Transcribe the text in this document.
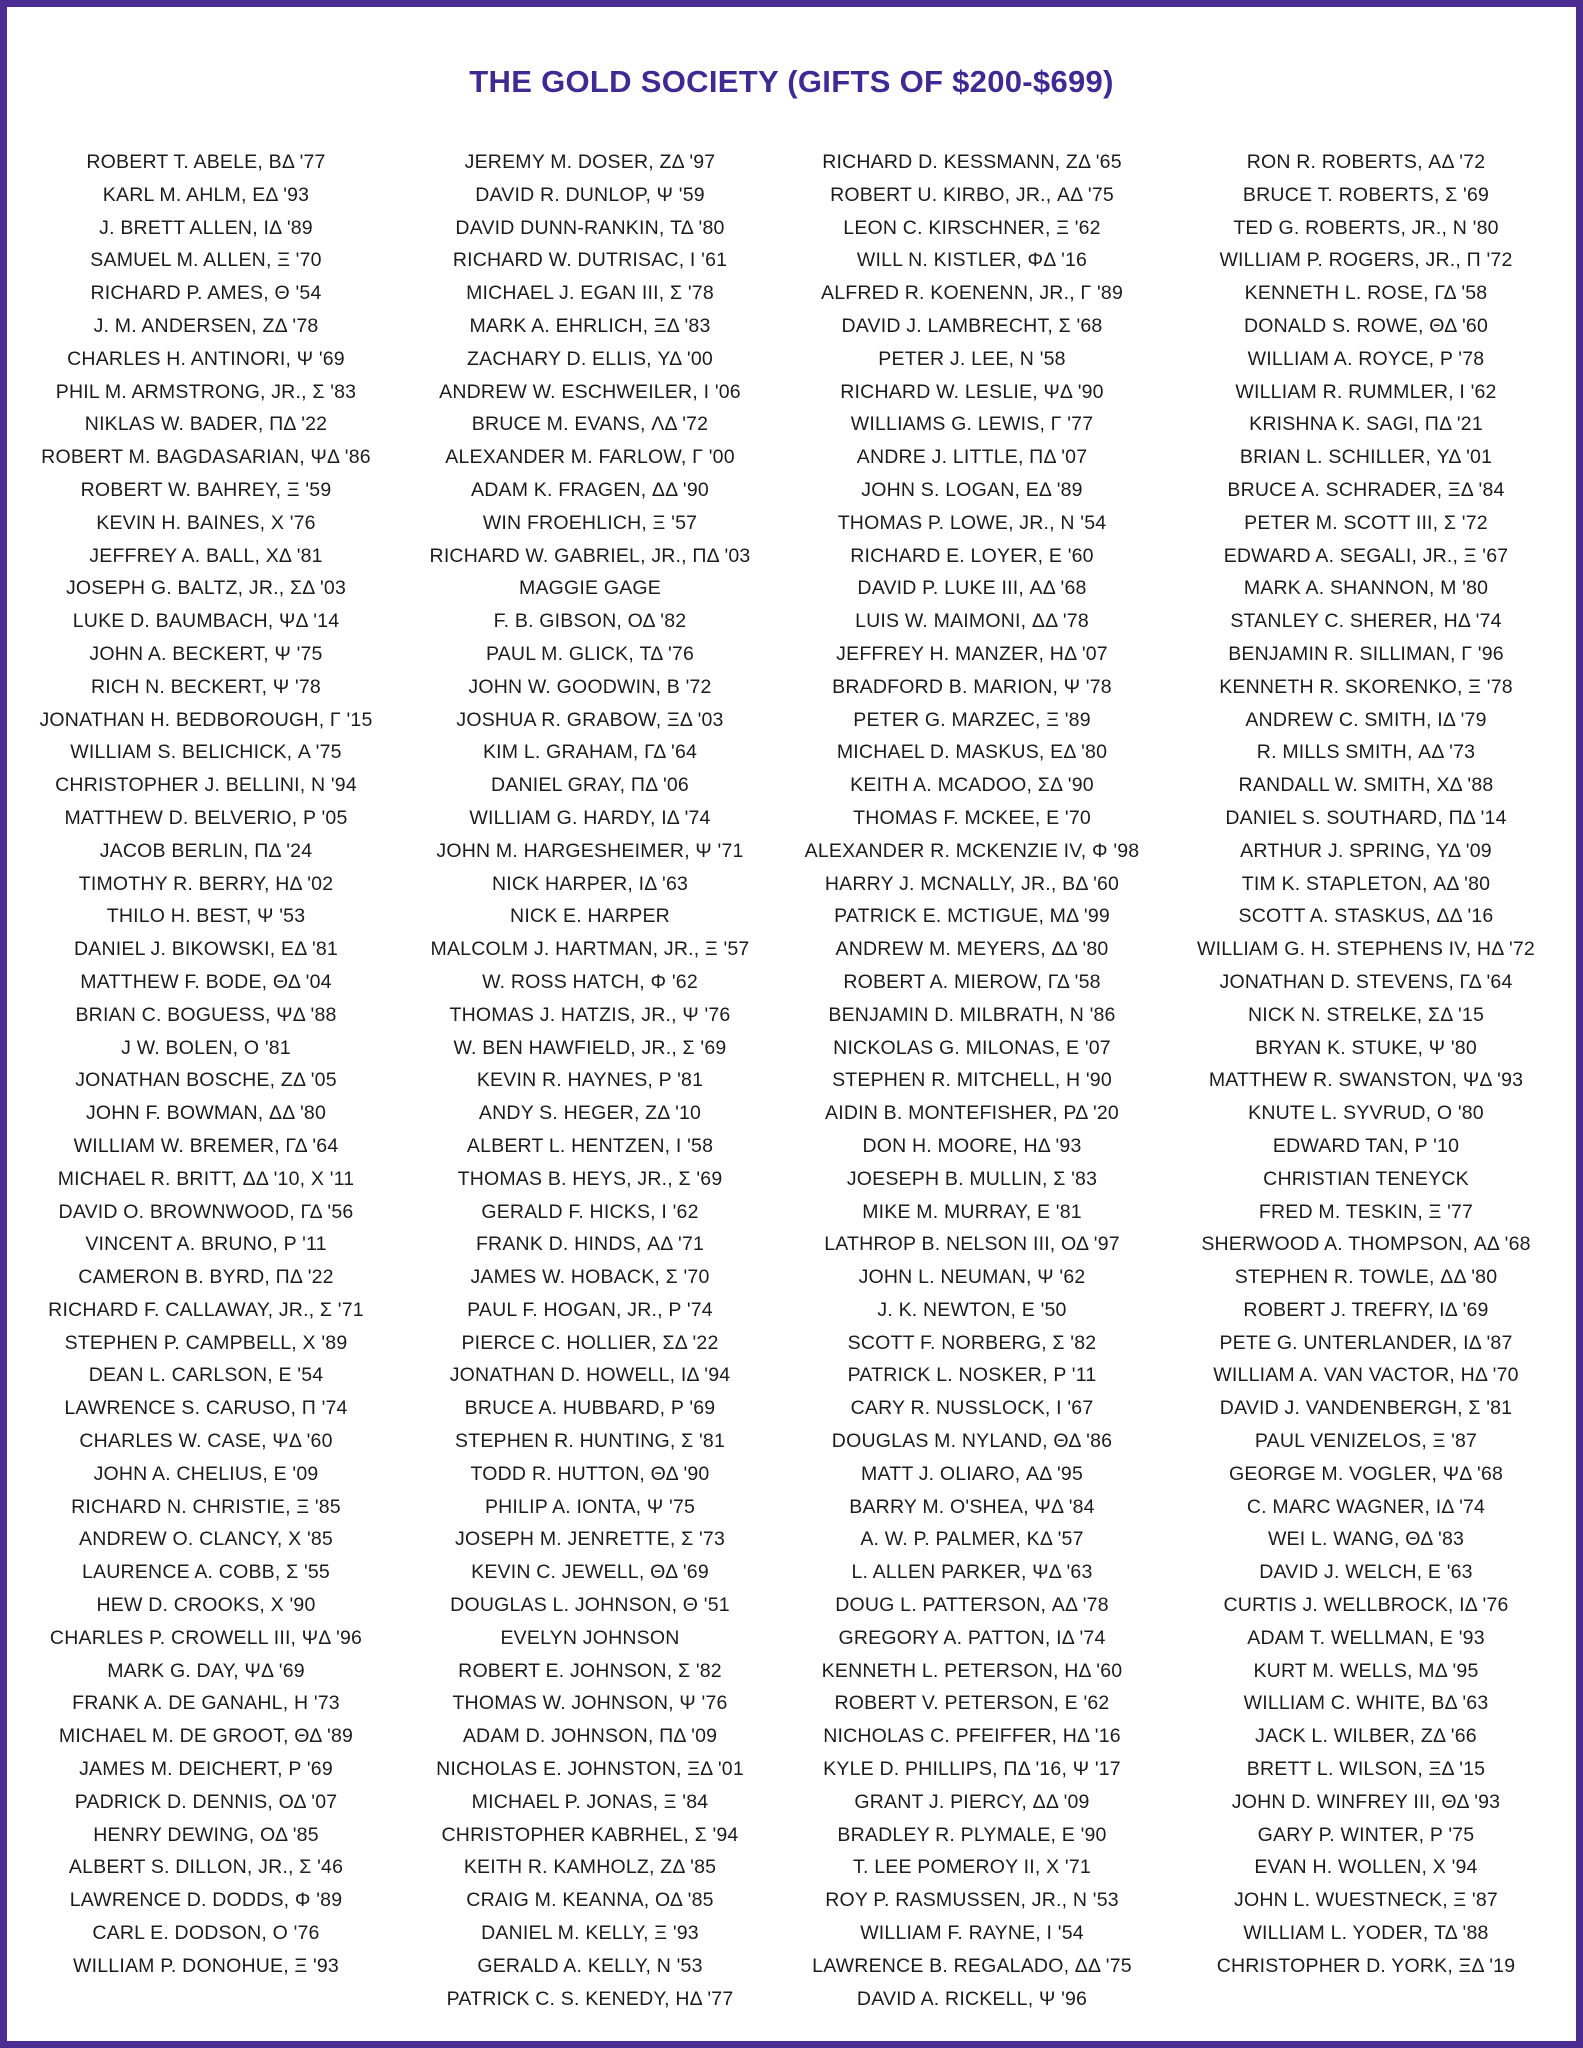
THE GOLD SOCIETY (GIFTS OF $200-$699)
ROBERT T. ABELE, ΒΔ '77
KARL M. AHLM, ΕΔ '93
J. BRETT ALLEN, ΙΔ '89
SAMUEL M. ALLEN, Ξ '70
RICHARD P. AMES, Θ '54
J. M. ANDERSEN, ΖΔ '78
CHARLES H. ANTINORI, Ψ '69
PHIL M. ARMSTRONG, JR., Σ '83
NIKLAS W. BADER, ΠΔ '22
ROBERT M. BAGDASARIAN, ΨΔ '86
ROBERT W. BAHREY, Ξ '59
KEVIN H. BAINES, Χ '76
JEFFREY A. BALL, ΧΔ '81
JOSEPH G. BALTZ, JR., ΣΔ '03
LUKE D. BAUMBACH, ΨΔ '14
JOHN A. BECKERT, Ψ '75
RICH N. BECKERT, Ψ '78
JONATHAN H. BEDBOROUGH, Γ '15
WILLIAM S. BELICHICK, Α '75
CHRISTOPHER J. BELLINI, Ν '94
MATTHEW D. BELVERIO, Ρ '05
JACOB BERLIN, ΠΔ '24
TIMOTHY R. BERRY, ΗΔ '02
THILO H. BEST, Ψ '53
DANIEL J. BIKOWSKI, ΕΔ '81
MATTHEW F. BODE, ΘΔ '04
BRIAN C. BOGUESS, ΨΔ '88
J W. BOLEN, Ο '81
JONATHAN BOSCHE, ΖΔ '05
JOHN F. BOWMAN, ΔΔ '80
WILLIAM W. BREMER, ΓΔ '64
MICHAEL R. BRITT, ΔΔ '10, Χ '11
DAVID O. BROWNWOOD, ΓΔ '56
VINCENT A. BRUNO, Ρ '11
CAMERON B. BYRD, ΠΔ '22
RICHARD F. CALLAWAY, JR., Σ '71
STEPHEN P. CAMPBELL, Χ '89
DEAN L. CARLSON, Ε '54
LAWRENCE S. CARUSO, Π '74
CHARLES W. CASE, ΨΔ '60
JOHN A. CHELIUS, Ε '09
RICHARD N. CHRISTIE, Ξ '85
ANDREW O. CLANCY, Χ '85
LAURENCE A. COBB, Σ '55
HEW D. CROOKS, Χ '90
CHARLES P. CROWELL III, ΨΔ '96
MARK G. DAY, ΨΔ '69
FRANK A. DE GANAHL, Η '73
MICHAEL M. DE GROOT, ΘΔ '89
JAMES M. DEICHERT, Ρ '69
PADRICK D. DENNIS, ΟΔ '07
HENRY DEWING, ΟΔ '85
ALBERT S. DILLON, JR., Σ '46
LAWRENCE D. DODDS, Φ '89
CARL E. DODSON, Ο '76
WILLIAM P. DONOHUE, Ξ '93
JEREMY M. DOSER, ΖΔ '97
DAVID R. DUNLOP, Ψ '59
DAVID DUNN-RANKIN, ΤΔ '80
RICHARD W. DUTRISAC, Ι '61
MICHAEL J. EGAN III, Σ '78
MARK A. EHRLICH, ΞΔ '83
ZACHARY D. ELLIS, ΥΔ '00
ANDREW W. ESCHWEILER, Ι '06
BRUCE M. EVANS, ΛΔ '72
ALEXANDER M. FARLOW, Γ '00
ADAM K. FRAGEN, ΔΔ '90
WIN FROEHLICH, Ξ '57
RICHARD W. GABRIEL, JR., ΠΔ '03
MAGGIE GAGE
F. B. GIBSON, ΟΔ '82
PAUL M. GLICK, ΤΔ '76
JOHN W. GOODWIN, Β '72
JOSHUA R. GRABOW, ΞΔ '03
KIM L. GRAHAM, ΓΔ '64
DANIEL GRAY, ΠΔ '06
WILLIAM G. HARDY, ΙΔ '74
JOHN M. HARGESHEIMER, Ψ '71
NICK HARPER, ΙΔ '63
NICK E. HARPER
MALCOLM J. HARTMAN, JR., Ξ '57
W. ROSS HATCH, Φ '62
THOMAS J. HATZIS, JR., Ψ '76
W. BEN HAWFIELD, JR., Σ '69
KEVIN R. HAYNES, Ρ '81
ANDY S. HEGER, ΖΔ '10
ALBERT L. HENTZEN, Ι '58
THOMAS B. HEYS, JR., Σ '69
GERALD F. HICKS, Ι '62
FRANK D. HINDS, ΑΔ '71
JAMES W. HOBACK, Σ '70
PAUL F. HOGAN, JR., Ρ '74
PIERCE C. HOLLIER, ΣΔ '22
JONATHAN D. HOWELL, ΙΔ '94
BRUCE A. HUBBARD, Ρ '69
STEPHEN R. HUNTING, Σ '81
TODD R. HUTTON, ΘΔ '90
PHILIP A. IONTA, Ψ '75
JOSEPH M. JENRETTE, Σ '73
KEVIN C. JEWELL, ΘΔ '69
DOUGLAS L. JOHNSON, Θ '51
EVELYN JOHNSON
ROBERT E. JOHNSON, Σ '82
THOMAS W. JOHNSON, Ψ '76
ADAM D. JOHNSON, ΠΔ '09
NICHOLAS E. JOHNSTON, ΞΔ '01
MICHAEL P. JONAS, Ξ '84
CHRISTOPHER KABRHEL, Σ '94
KEITH R. KAMHOLZ, ΖΔ '85
CRAIG M. KEANNA, ΟΔ '85
DANIEL M. KELLY, Ξ '93
GERALD A. KELLY, Ν '53
PATRICK C. S. KENEDY, ΗΔ '77
RICHARD D. KESSMANN, ΖΔ '65
ROBERT U. KIRBO, JR., ΑΔ '75
LEON C. KIRSCHNER, Ξ '62
WILL N. KISTLER, ΦΔ '16
ALFRED R. KOENENN, JR., Γ '89
DAVID J. LAMBRECHT, Σ '68
PETER J. LEE, Ν '58
RICHARD W. LESLIE, ΨΔ '90
WILLIAMS G. LEWIS, Γ '77
ANDRE J. LITTLE, ΠΔ '07
JOHN S. LOGAN, ΕΔ '89
THOMAS P. LOWE, JR., Ν '54
RICHARD E. LOYER, Ε '60
DAVID P. LUKE III, ΑΔ '68
LUIS W. MAIMONI, ΔΔ '78
JEFFREY H. MANZER, ΗΔ '07
BRADFORD B. MARION, Ψ '78
PETER G. MARZEC, Ξ '89
MICHAEL D. MASKUS, ΕΔ '80
KEITH A. MCADOO, ΣΔ '90
THOMAS F. MCKEE, Ε '70
ALEXANDER R. MCKENZIE IV, Φ '98
HARRY J. MCNALLY, JR., ΒΔ '60
PATRICK E. MCTIGUE, ΜΔ '99
ANDREW M. MEYERS, ΔΔ '80
ROBERT A. MIEROW, ΓΔ '58
BENJAMIN D. MILBRATH, Ν '86
NICKOLAS G. MILONAS, Ε '07
STEPHEN R. MITCHELL, Η '90
AIDIN B. MONTEFISHER, ΡΔ '20
DON H. MOORE, ΗΔ '93
JOESEPH B. MULLIN, Σ '83
MIKE M. MURRAY, Ε '81
LATHROP B. NELSON III, ΟΔ '97
JOHN L. NEUMAN, Ψ '62
J. K. NEWTON, Ε '50
SCOTT F. NORBERG, Σ '82
PATRICK L. NOSKER, Ρ '11
CARY R. NUSSLOCK, Ι '67
DOUGLAS M. NYLAND, ΘΔ '86
MATT J. OLIARO, ΑΔ '95
BARRY M. O'SHEA, ΨΔ '84
A. W. P. PALMER, ΚΔ '57
L. ALLEN PARKER, ΨΔ '63
DOUG L. PATTERSON, ΑΔ '78
GREGORY A. PATTON, ΙΔ '74
KENNETH L. PETERSON, ΗΔ '60
ROBERT V. PETERSON, Ε '62
NICHOLAS C. PFEIFFER, ΗΔ '16
KYLE D. PHILLIPS, ΠΔ '16, Ψ '17
GRANT J. PIERCY, ΔΔ '09
BRADLEY R. PLYMALE, Ε '90
T. LEE POMEROY II, Χ '71
ROY P. RASMUSSEN, JR., Ν '53
WILLIAM F. RAYNE, Ι '54
LAWRENCE B. REGALADO, ΔΔ '75
DAVID A. RICKELL, Ψ '96
RON R. ROBERTS, ΑΔ '72
BRUCE T. ROBERTS, Σ '69
TED G. ROBERTS, JR., Ν '80
WILLIAM P. ROGERS, JR., Π '72
KENNETH L. ROSE, ΓΔ '58
DONALD S. ROWE, ΘΔ '60
WILLIAM A. ROYCE, Ρ '78
WILLIAM R. RUMMLER, Ι '62
KRISHNA K. SAGI, ΠΔ '21
BRIAN L. SCHILLER, ΥΔ '01
BRUCE A. SCHRADER, ΞΔ '84
PETER M. SCOTT III, Σ '72
EDWARD A. SEGALI, JR., Ξ '67
MARK A. SHANNON, Μ '80
STANLEY C. SHERER, ΗΔ '74
BENJAMIN R. SILLIMAN, Γ '96
KENNETH R. SKORENKO, Ξ '78
ANDREW C. SMITH, ΙΔ '79
R. MILLS SMITH, ΑΔ '73
RANDALL W. SMITH, ΧΔ '88
DANIEL S. SOUTHARD, ΠΔ '14
ARTHUR J. SPRING, ΥΔ '09
TIM K. STAPLETON, ΑΔ '80
SCOTT A. STASKUS, ΔΔ '16
WILLIAM G. H. STEPHENS IV, ΗΔ '72
JONATHAN D. STEVENS, ΓΔ '64
NICK N. STRELKE, ΣΔ '15
BRYAN K. STUKE, Ψ '80
MATTHEW R. SWANSTON, ΨΔ '93
KNUTE L. SYVRUD, Ο '80
EDWARD TAN, Ρ '10
CHRISTIAN TENEYCK
FRED M. TESKIN, Ξ '77
SHERWOOD A. THOMPSON, ΑΔ '68
STEPHEN R. TOWLE, ΔΔ '80
ROBERT J. TREFRY, ΙΔ '69
PETE G. UNTERLANDER, ΙΔ '87
WILLIAM A. VAN VACTOR, ΗΔ '70
DAVID J. VANDENBERGH, Σ '81
PAUL VENIZELOS, Ξ '87
GEORGE M. VOGLER, ΨΔ '68
C. MARC WAGNER, ΙΔ '74
WEI L. WANG, ΘΔ '83
DAVID J. WELCH, Ε '63
CURTIS J. WELLBROCK, ΙΔ '76
ADAM T. WELLMAN, Ε '93
KURT M. WELLS, ΜΔ '95
WILLIAM C. WHITE, ΒΔ '63
JACK L. WILBER, ΖΔ '66
BRETT L. WILSON, ΞΔ '15
JOHN D. WINFREY III, ΘΔ '93
GARY P. WINTER, Ρ '75
EVAN H. WOLLEN, Χ '94
JOHN L. WUESTNECK, Ξ '87
WILLIAM L. YODER, ΤΔ '88
CHRISTOPHER D. YORK, ΞΔ '19
